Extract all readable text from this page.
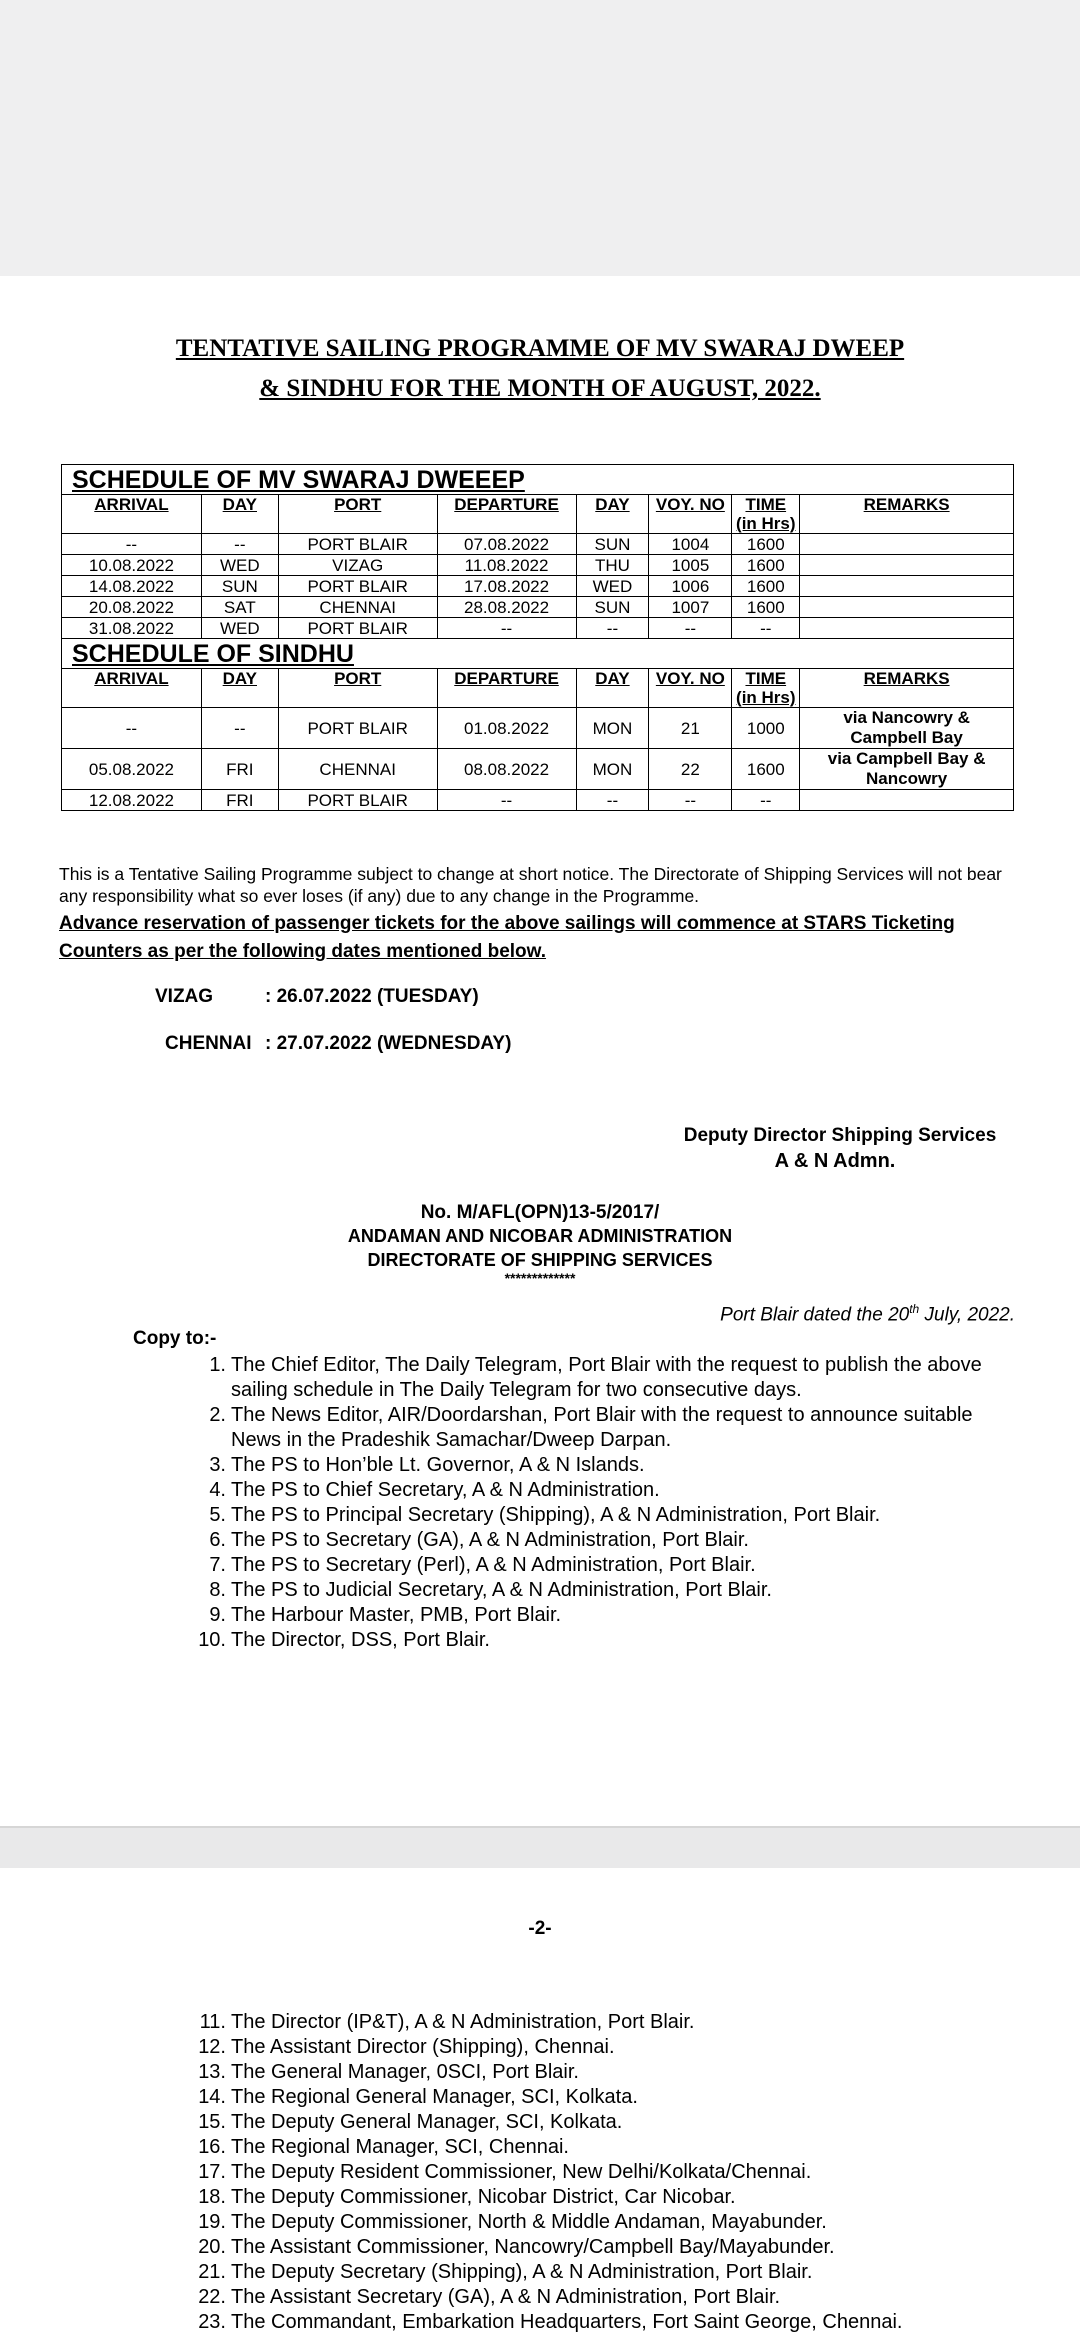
TENTATIVE SAILING PROGRAMME OF MV SWARAJ DWEEP
& SINDHU FOR THE MONTH OF AUGUST, 2022.
SCHEDULE OF MV SWARAJ DWEEEP							
ARRIVAL	DAY	PORT	DEPARTURE	DAY	VOY. NO	TIME (in Hrs)	REMARKS
--	--	PORT BLAIR	07.08.2022	SUN	1004	1600	
10.08.2022	WED	VIZAG	11.08.2022	THU	1005	1600	
14.08.2022	SUN	PORT BLAIR	17.08.2022	WED	1006	1600	
20.08.2022	SAT	CHENNAI	28.08.2022	SUN	1007	1600	
31.08.2022	WED	PORT BLAIR	--	--	--	--	
SCHEDULE OF SINDHU							
ARRIVAL	DAY	PORT	DEPARTURE	DAY	VOY. NO	TIME (in Hrs)	REMARKS
--	--	PORT BLAIR	01.08.2022	MON	21	1000	via Nancowry & Campbell Bay
05.08.2022	FRI	CHENNAI	08.08.2022	MON	22	1600	via Campbell Bay & Nancowry
12.08.2022	FRI	PORT BLAIR	--	--	--	--	
This is a Tentative Sailing Programme subject to change at short notice. The Directorate of Shipping Services will not bear any responsibility what so ever loses (if any) due to any change in the Programme.
Advance reservation of passenger tickets for the above sailings will commence at STARS Ticketing Counters as per the following dates mentioned below.
VIZAG	: 26.07.2022 (TUESDAY)
CHENNAI : 27.07.2022 (WEDNESDAY)
Deputy Director Shipping Services
A & N Admn.
No. M/AFL(OPN)13-5/2017/
ANDAMAN AND NICOBAR ADMINISTRATION
DIRECTORATE OF SHIPPING SERVICES
*************
Port Blair dated the 20th July, 2022.
Copy to:-
1. The Chief Editor, The Daily Telegram, Port Blair with the request to publish the above sailing schedule in The Daily Telegram for two consecutive days.
2. The News Editor, AIR/Doordarshan, Port Blair with the request to announce suitable News in the Pradeshik Samachar/Dweep Darpan.
3. The PS to Hon’ble Lt. Governor, A & N Islands.
4. The PS to Chief Secretary, A & N Administration.
5. The PS to Principal Secretary (Shipping), A & N Administration, Port Blair.
6. The PS to Secretary (GA), A & N Administration, Port Blair.
7. The PS to Secretary (Perl), A & N Administration, Port Blair.
8. The PS to Judicial Secretary, A & N Administration, Port Blair.
9. The Harbour Master, PMB, Port Blair.
10. The Director, DSS, Port Blair.
-2-
11. The Director (IP&T), A & N Administration, Port Blair.
12. The Assistant Director (Shipping), Chennai.
13. The General Manager, 0SCI, Port Blair.
14. The Regional General Manager, SCI, Kolkata.
15. The Deputy General Manager, SCI, Kolkata.
16. The Regional Manager, SCI, Chennai.
17. The Deputy Resident Commissioner, New Delhi/Kolkata/Chennai.
18. The Deputy Commissioner, Nicobar District, Car Nicobar.
19. The Deputy Commissioner, North & Middle Andaman, Mayabunder.
20. The Assistant Commissioner, Nancowry/Campbell Bay/Mayabunder.
21. The Deputy Secretary (Shipping), A & N Administration, Port Blair.
22. The Assistant Secretary (GA), A & N Administration, Port Blair.
23. The Commandant, Embarkation Headquarters, Fort Saint George, Chennai.
